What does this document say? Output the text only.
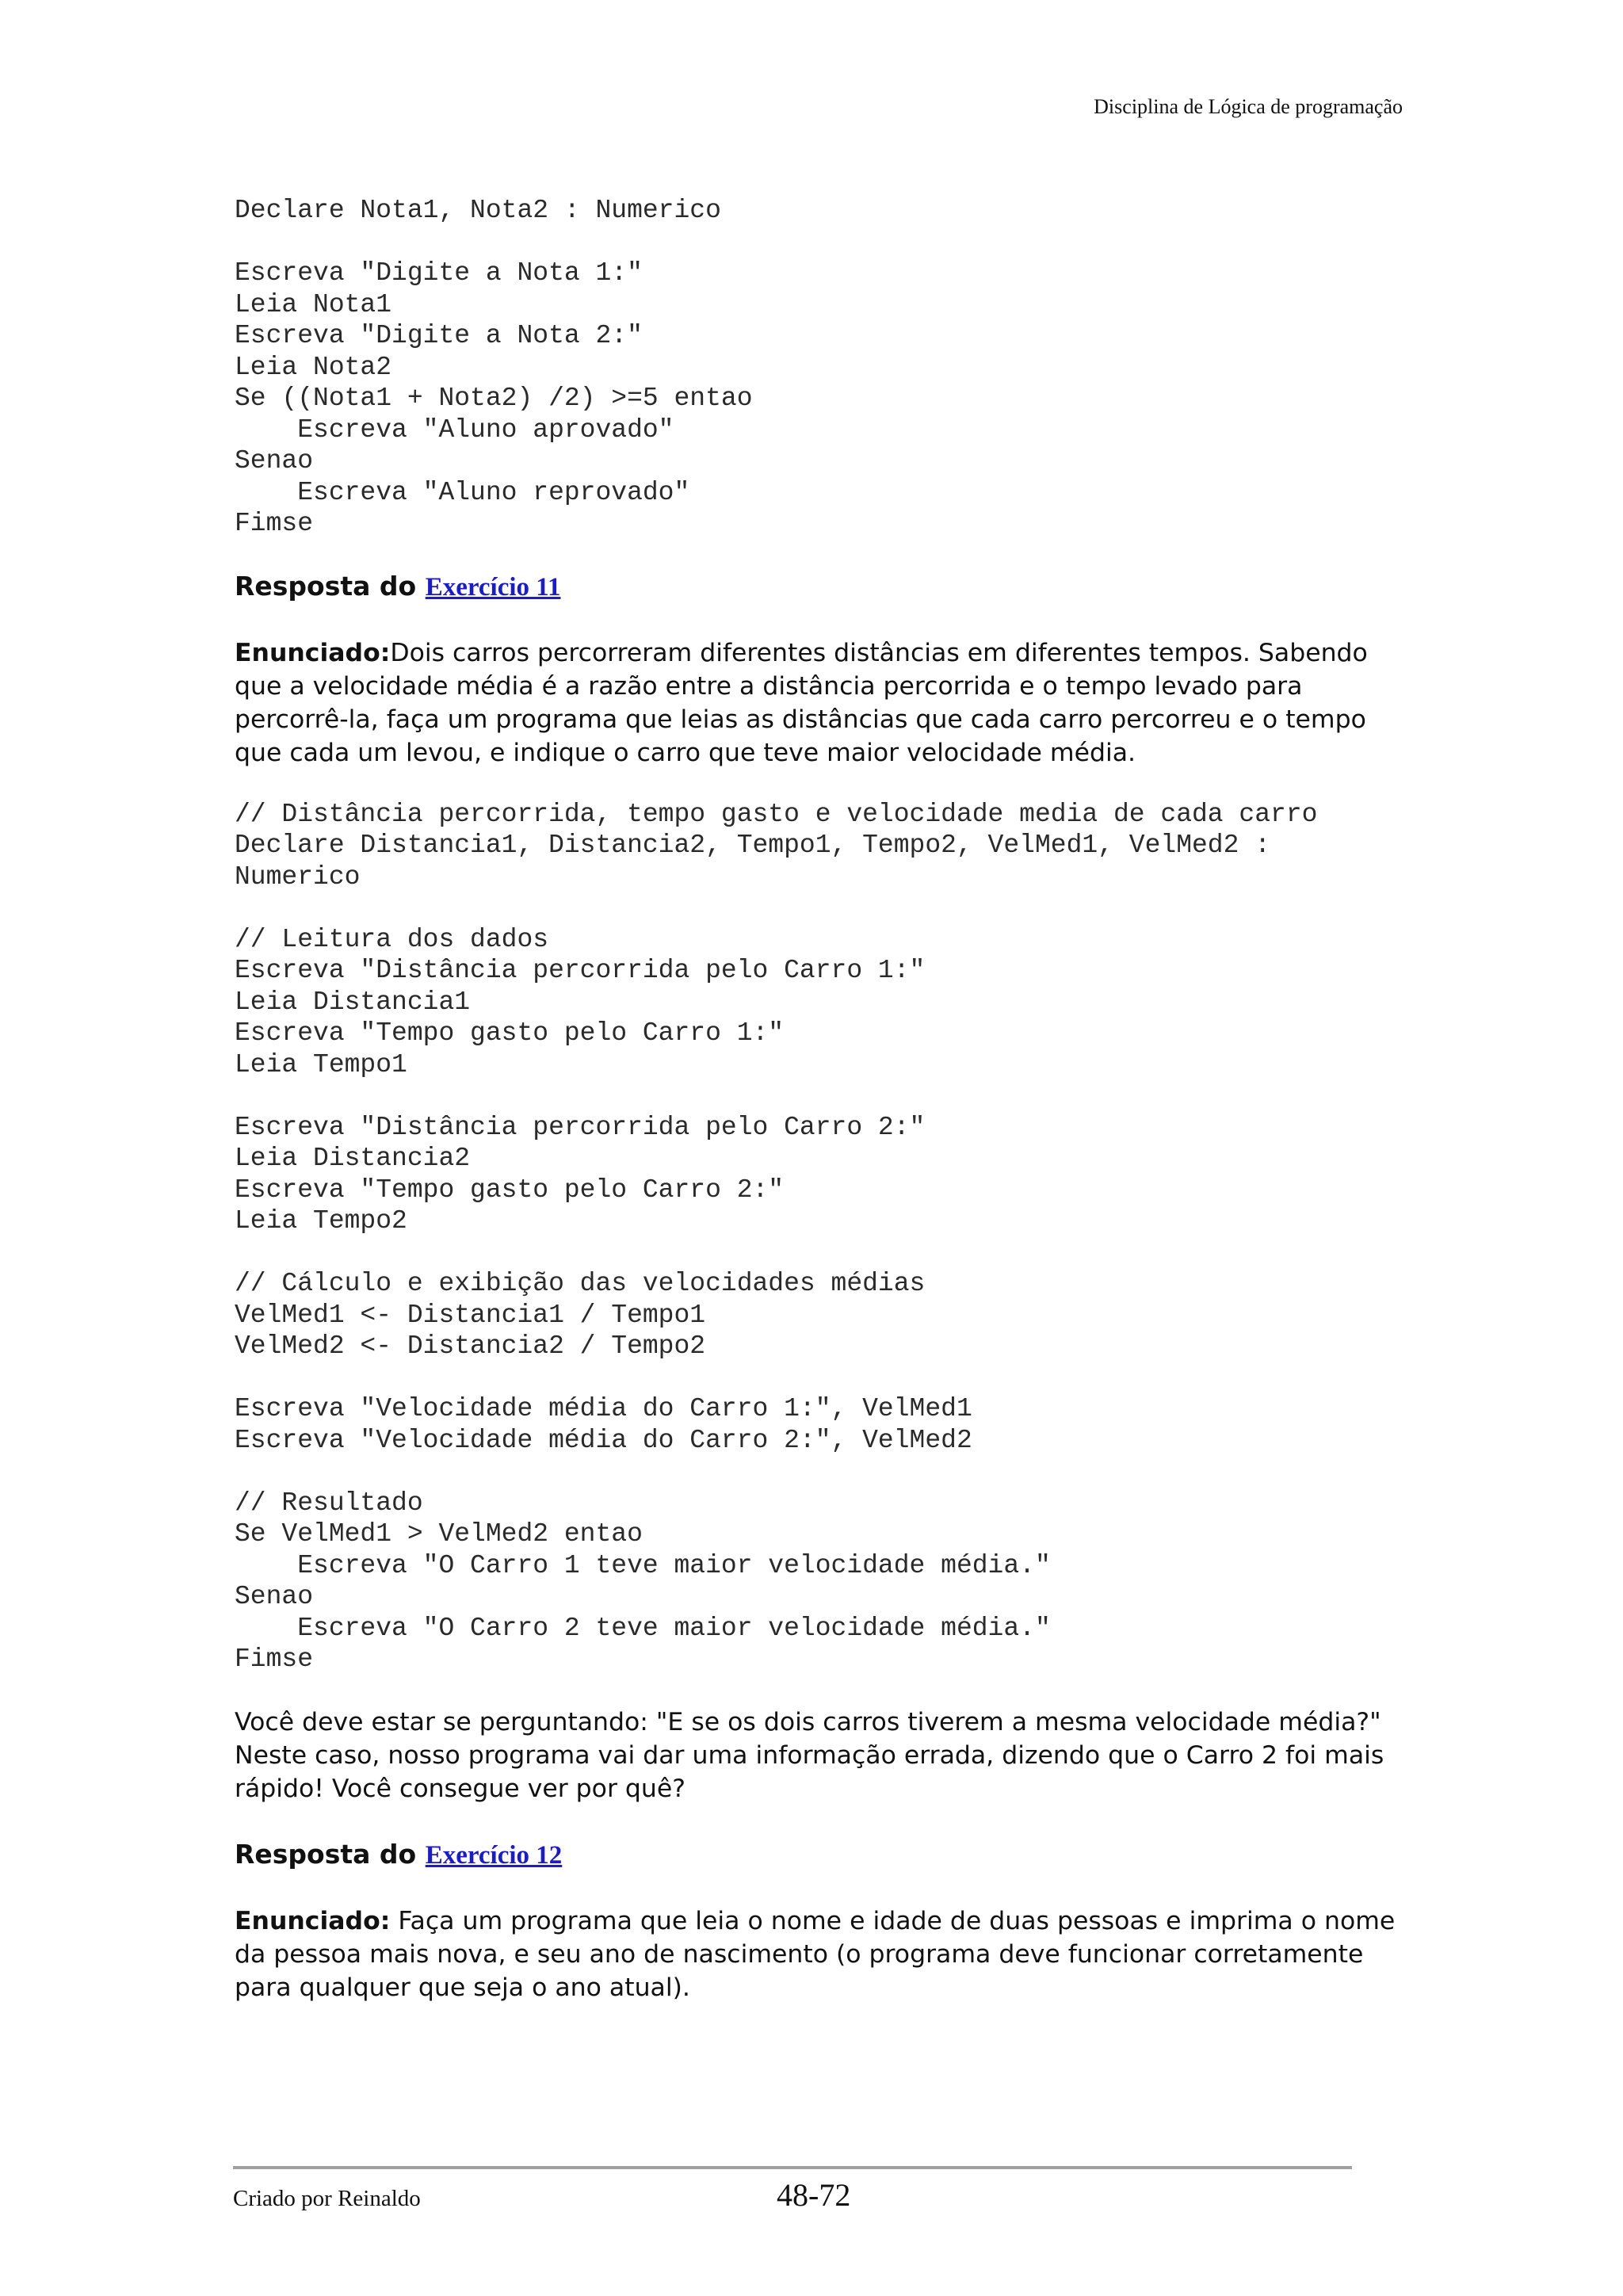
Disciplina de Lógica de programação
Declare Nota1, Nota2 : Numerico

Escreva "Digite a Nota 1:"
Leia Nota1
Escreva "Digite a Nota 2:"
Leia Nota2
Se ((Nota1 + Nota2) /2) >=5 entao
Escreva "Aluno aprovado"
Senao
Escreva "Aluno reprovado"
Fimse

Resposta do Exercício 11

Enunciado:Dois carros percorreram diferentes distâncias em diferentes tempos. Sabendo que a velocidade média é a razão entre a distância percorrida e o tempo levado para percorrê-la, faça um programa que leias as distâncias que cada carro percorreu e o tempo que cada um levou, e indique o carro que teve maior velocidade média.

// Distância percorrida, tempo gasto e velocidade media de cada carro
Declare Distancia1, Distancia2, Tempo1, Tempo2, VelMed1, VelMed2 :
Numerico

// Leitura dos dados
Escreva "Distância percorrida pelo Carro 1:"
Leia Distancia1
Escreva "Tempo gasto pelo Carro 1:"
Leia Tempo1

Escreva "Distância percorrida pelo Carro 2:"
Leia Distancia2
Escreva "Tempo gasto pelo Carro 2:"
Leia Tempo2

// Cálculo e exibição das velocidades médias
VelMed1 <- Distancia1 / Tempo1
VelMed2 <- Distancia2 / Tempo2

Escreva "Velocidade média do Carro 1:", VelMed1
Escreva "Velocidade média do Carro 2:", VelMed2

// Resultado
Se VelMed1 > VelMed2 entao
Escreva "O Carro 1 teve maior velocidade média."
Senao
Escreva "O Carro 2 teve maior velocidade média."
Fimse

Você deve estar se perguntando: "E se os dois carros tiverem a mesma velocidade média?" Neste caso, nosso programa vai dar uma informação errada, dizendo que o Carro 2 foi mais rápido! Você consegue ver por quê?

Resposta do Exercício 12

Enunciado: Faça um programa que leia o nome e idade de duas pessoas e imprima o nome da pessoa mais nova, e seu ano de nascimento (o programa deve funcionar corretamente para qualquer que seja o ano atual).

Criado por Reinaldo	48-72
